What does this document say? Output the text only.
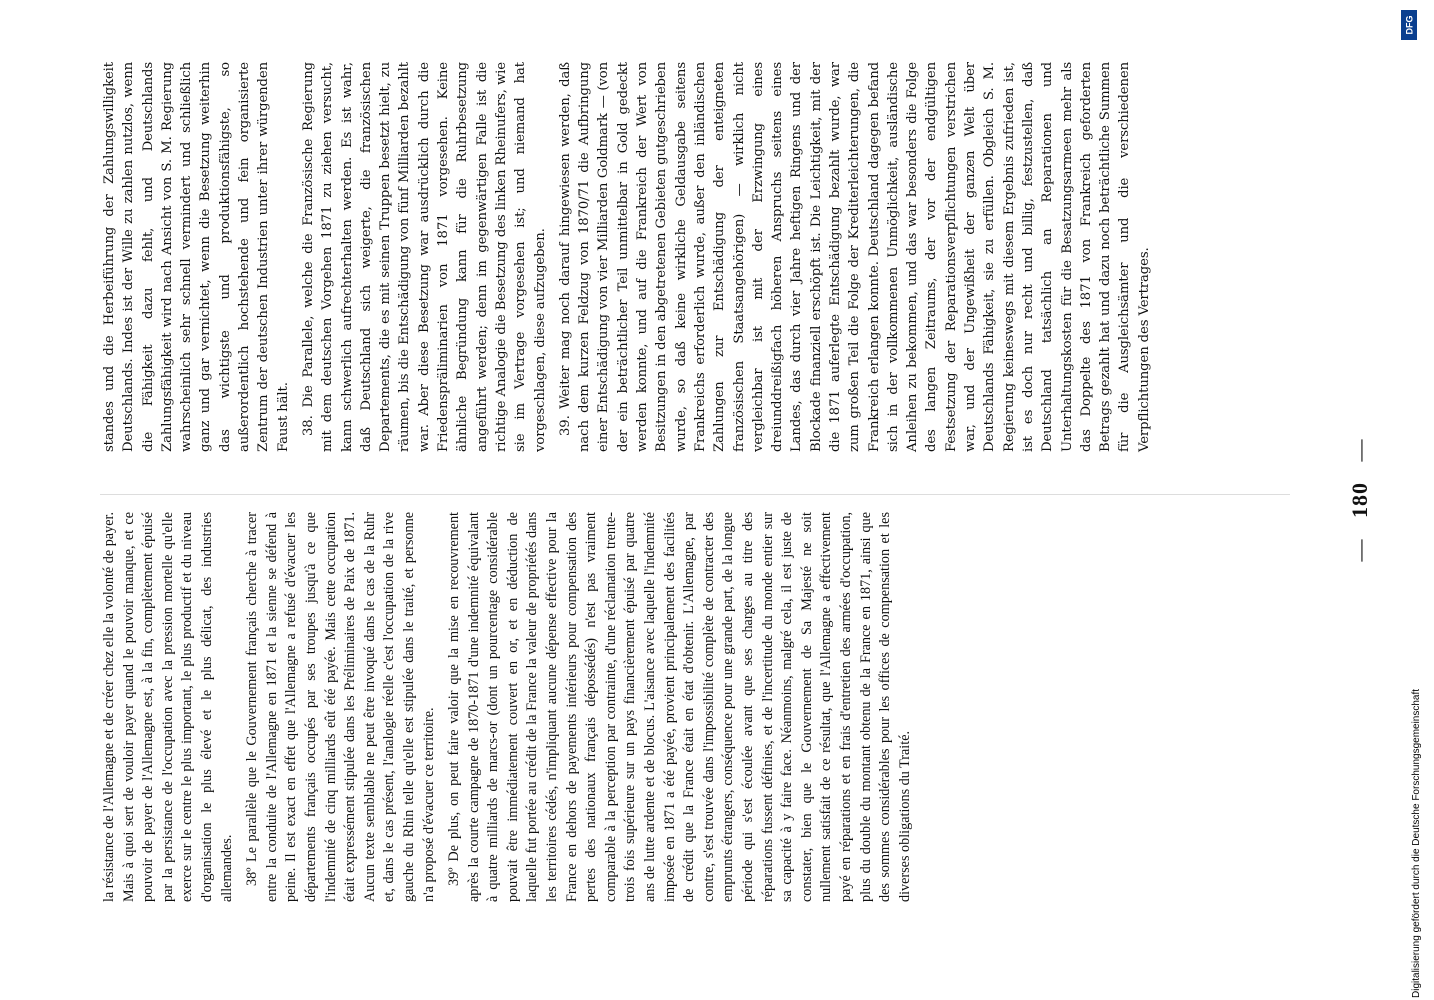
— 180 —

la résistance de l'Allemagne et de créer chez elle la volonté de payer. Mais à quoi sert de vouloir payer quand le pouvoir manque, et ce pouvoir de payer de l'Allemagne est, à la fin, complètement épuisé par la persistance de l'occupation avec la pression mortelle qu'elle exerce sur le centre le plus important, le plus productif et du niveau d'organisation le plus élevé et le plus délicat, des industries allemandes. 38º Le parallèle que le Gouvernement français cherche à tracer entre la conduite de l'Allemagne en 1871 et la sienne se défend à peine. Il est exact en effet que l'Allemagne a refusé d'évacuer les départements français occupés par ses troupes jusqu'à ce que l'indemnité de cinq milliards eût été payée. Mais cette occupation était expressément stipulée dans les Préliminaires de Paix de 1871. Aucun texte semblable ne peut être invoqué dans le cas de la Ruhr et, dans le cas présent, l'analogie réelle c'est l'occupation de la rive gauche du Rhin telle qu'elle est stipulée dans le traité, et personne n'a proposé d'évacuer ce territoire. 39º De plus, on peut faire valoir que la mise en recouvrement après la courte campagne de 1870-1871 d'une indemnité équivalant à quatre milliards de marcs-or (dont un pourcentage considérable pouvait être immédiatement couvert en or, et en déduction de laquelle fut portée au crédit de la France la valeur de propriétés dans les territoires cédés, n'impliquant aucune dépense effective pour la France en dehors de payements intérieurs pour compensation des pertes des nationaux français dépossédés) n'est pas vraiment comparable à la perception par contrainte, d'une réclamation trente-trois fois supérieure sur un pays financièrement épuisé par quatre ans de lutte ardente et de blocus. L'aisance avec laquelle l'indemnité imposée en 1871 a été payée, provient principalement des facilités de crédit que la France était en état d'obtenir. L'Allemagne, par contre, s'est trouvée dans l'impossibilité complète de contracter des emprunts étrangers, conséquence pour une grande part, de la longue période qui s'est écoulée avant que ses charges au titre des réparations fussent définies, et de l'incertitude du monde entier sur sa capacité à y faire face. Néanmoins, malgré cela, il est juste de constater, bien que le Gouvernement de Sa Majesté ne soit nullement satisfait de ce résultat, que l'Allemagne a effectivement payé en réparations et en frais d'entretien des armées d'occupation, plus du double du montant obtenu de la France en 1871, ainsi que des sommes considérables pour les offices de compensation et les diverses obligations du Traité.

standes und die Herbeiführung der Zahlungswilligkeit Deutschlands. Indes ist der Wille zu zahlen nutzlos, wenn die Fähigkeit dazu fehlt, und Deutschlands Zahlungsfähigkeit wird nach Ansicht von S. M. Regierung wahrscheinlich sehr schnell vermindert und schließlich ganz und gar vernichtet, wenn die Besetzung weiterhin das wichtigste und produktionsfähigste, so außerordentlich hochstehende und fein organisierte Zentrum der deutschen Industrien unter ihrer würgenden Faust hält. 38. Die Parallele, welche die Französische Regierung mit dem deutschen Vorgehen 1871 zu ziehen versucht, kann schwerlich aufrechterhalten werden. Es ist wahr, daß Deutschland sich weigerte, die französischen Departements, die es mit seinen Truppen besetzt hielt, zu räumen, bis die Entschädigung von fünf Milliarden bezahlt war. Aber diese Besetzung war ausdrücklich durch die Friedenspräliminarien von 1871 vorgesehen. Keine ähnliche Begründung kann für die Ruhrbesetzung angeführt werden; denn im gegenwärtigen Falle ist die richtige Analogie die Besetzung des linken Rheinufers, wie sie im Vertrage vorgesehen ist; und niemand hat vorgeschlagen, diese aufzugeben. 39. Weiter mag noch darauf hingewiesen werden, daß nach dem kurzen Feldzug von 1870/71 die Aufbringung einer Entschädigung von vier Milliarden Goldmark — (von der ein beträchtlicher Teil unmittelbar in Gold gedeckt werden konnte, und auf die Frankreich der Wert von Besitzungen in den abgetretenen Gebieten gutgeschrieben wurde, so daß keine wirkliche Geldausgabe seitens Frankreichs erforderlich wurde, außer den inländischen Zahlungen zur Entschädigung der enteigneten französischen Staatsangehörigen) — wirklich nicht vergleichbar ist mit der Erzwingung eines dreiunddreißigfach höheren Anspruchs seitens eines Landes, das durch vier Jahre heftigen Ringens und der Blockade finanziell erschöpft ist. Die Leichtigkeit, mit der die 1871 auferlegte Entschädigung bezahlt wurde, war zum großen Teil die Folge der Krediterleichterungen, die Frankreich erlangen konnte. Deutschland dagegen befand sich in der vollkommenen Unmöglichkeit, ausländische Anleihen zu bekommen, und das war besonders die Folge des langen Zeitraums, der vor der endgültigen Festsetzung der Reparationsverpflichtungen verstrichen war, und der Ungewißheit der ganzen Welt über Deutschlands Fähigkeit, sie zu erfüllen. Obgleich S. M. Regierung keineswegs mit diesem Ergebnis zufrieden ist, ist es doch nur recht und billig, festzustellen, daß Deutschland tatsächlich an Reparationen und Unterhaltungskosten für die Besatzungsarmeen mehr als das Doppelte des 1871 von Frankreich geforderten Betrags gezahlt hat und dazu noch beträchtliche Summen für die Ausgleichsämter und die verschiedenen Verpflichtungen des Vertrages.

DFG
Digitalisierung gefördert durch die Deutsche Forschungsgemeinschaft
